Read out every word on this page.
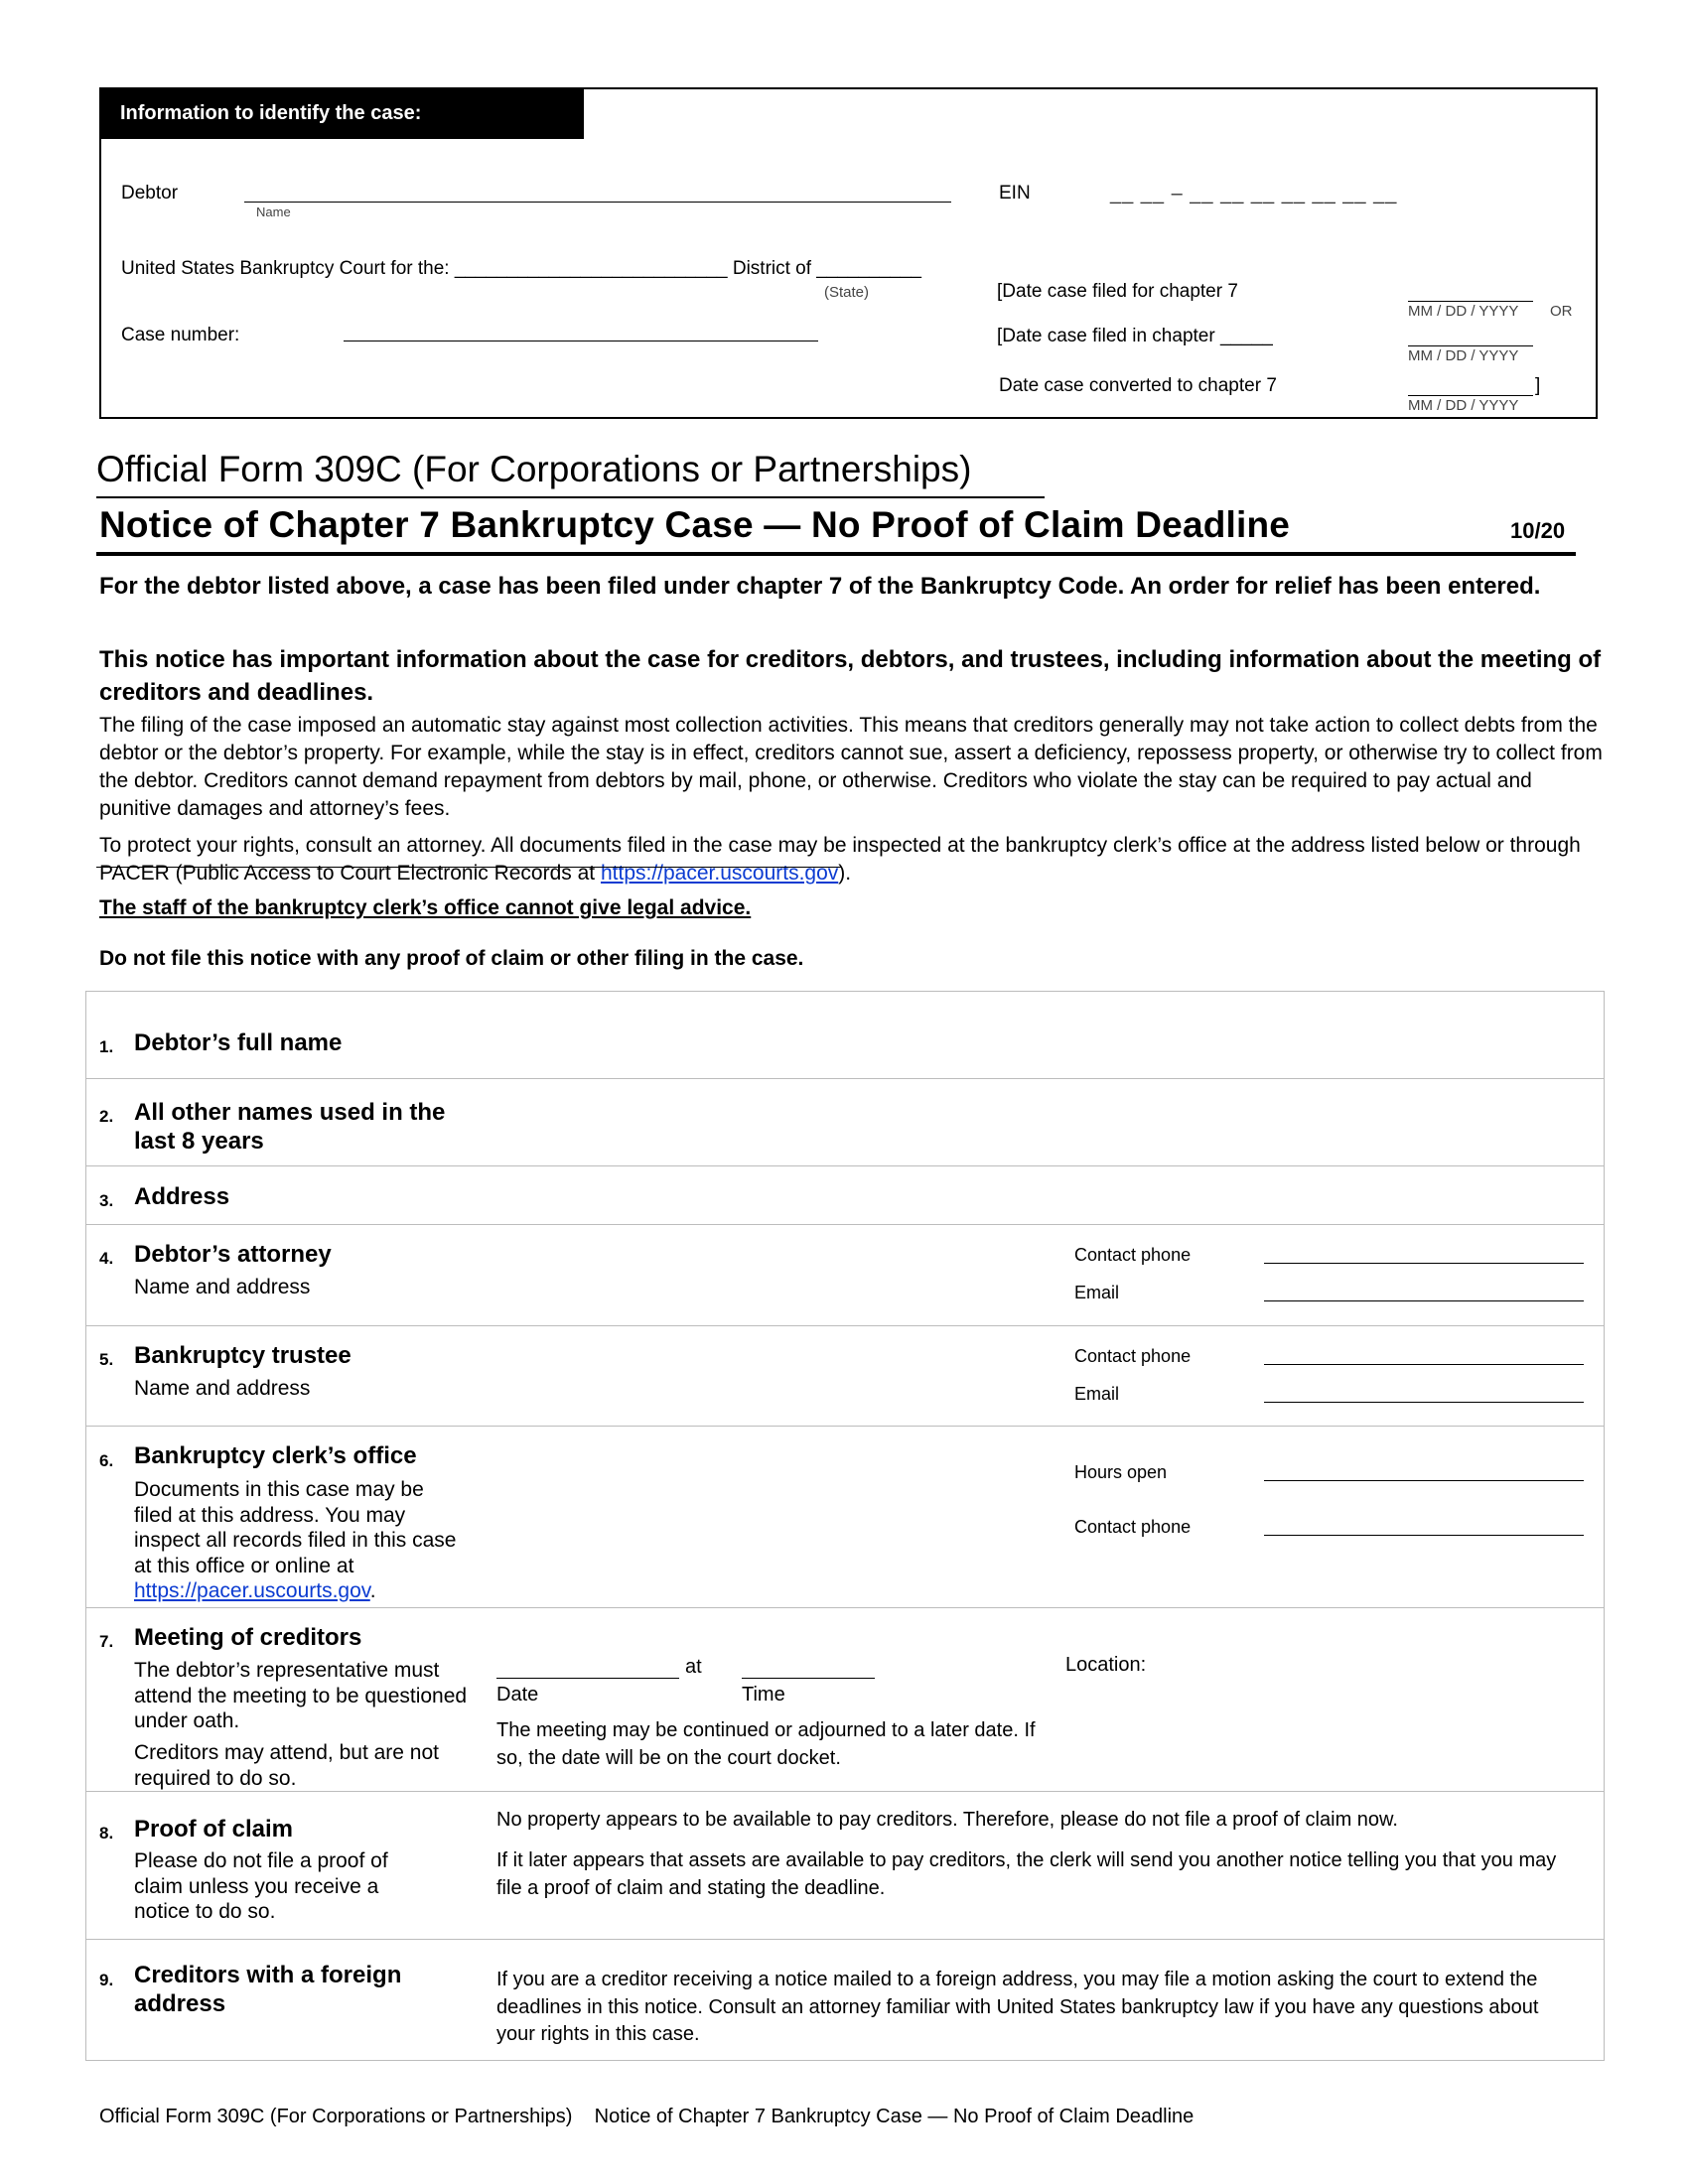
Information to identify the case:
Debtor
Name
EIN	__ __ – __ __ __ __ __ __ __
United States Bankruptcy Court for the: __________________________ District of __________
(State)
Case number:
[Date case filed for chapter 7
MM / DD / YYYY OR
[Date case filed in chapter _____
MM / DD / YYYY
Date case converted to chapter 7	]
MM / DD / YYYY
Official Form 309C (For Corporations or Partnerships)
Notice of Chapter 7 Bankruptcy Case — No Proof of Claim Deadline	10/20
For the debtor listed above, a case has been filed under chapter 7 of the Bankruptcy Code. An order for relief has been entered.
This notice has important information about the case for creditors, debtors, and trustees, including information about the meeting of creditors and deadlines.
The filing of the case imposed an automatic stay against most collection activities. This means that creditors generally may not take action to collect debts from the debtor or the debtor’s property. For example, while the stay is in effect, creditors cannot sue, assert a deficiency, repossess property, or otherwise try to collect from the debtor. Creditors cannot demand repayment from debtors by mail, phone, or otherwise. Creditors who violate the stay can be required to pay actual and punitive damages and attorney’s fees.
To protect your rights, consult an attorney. All documents filed in the case may be inspected at the bankruptcy clerk’s office at the address listed below or through PACER (Public Access to Court Electronic Records at https://pacer.uscourts.gov).
The staff of the bankruptcy clerk’s office cannot give legal advice.
Do not file this notice with any proof of claim or other filing in the case.
1. Debtor’s full name
2. All other names used in the last 8 years
3. Address
4. Debtor’s attorney
Name and address
Contact phone
Email
5. Bankruptcy trustee
Name and address
Contact phone
Email
6. Bankruptcy clerk’s office
Documents in this case may be filed at this address. You may inspect all records filed in this case at this office or online at https://pacer.uscourts.gov.
Hours open
Contact phone
7. Meeting of creditors
The debtor’s representative must attend the meeting to be questioned under oath.
Creditors may attend, but are not required to do so.
at
Date	Time
Location:
The meeting may be continued or adjourned to a later date. If so, the date will be on the court docket.
8. Proof of claim
Please do not file a proof of claim unless you receive a notice to do so.
No property appears to be available to pay creditors. Therefore, please do not file a proof of claim now.
If it later appears that assets are available to pay creditors, the clerk will send you another notice telling you that you may file a proof of claim and stating the deadline.
9. Creditors with a foreign address
If you are a creditor receiving a notice mailed to a foreign address, you may file a motion asking the court to extend the deadlines in this notice. Consult an attorney familiar with United States bankruptcy law if you have any questions about your rights in this case.
Official Form 309C (For Corporations or Partnerships)    Notice of Chapter 7 Bankruptcy Case — No Proof of Claim Deadline
